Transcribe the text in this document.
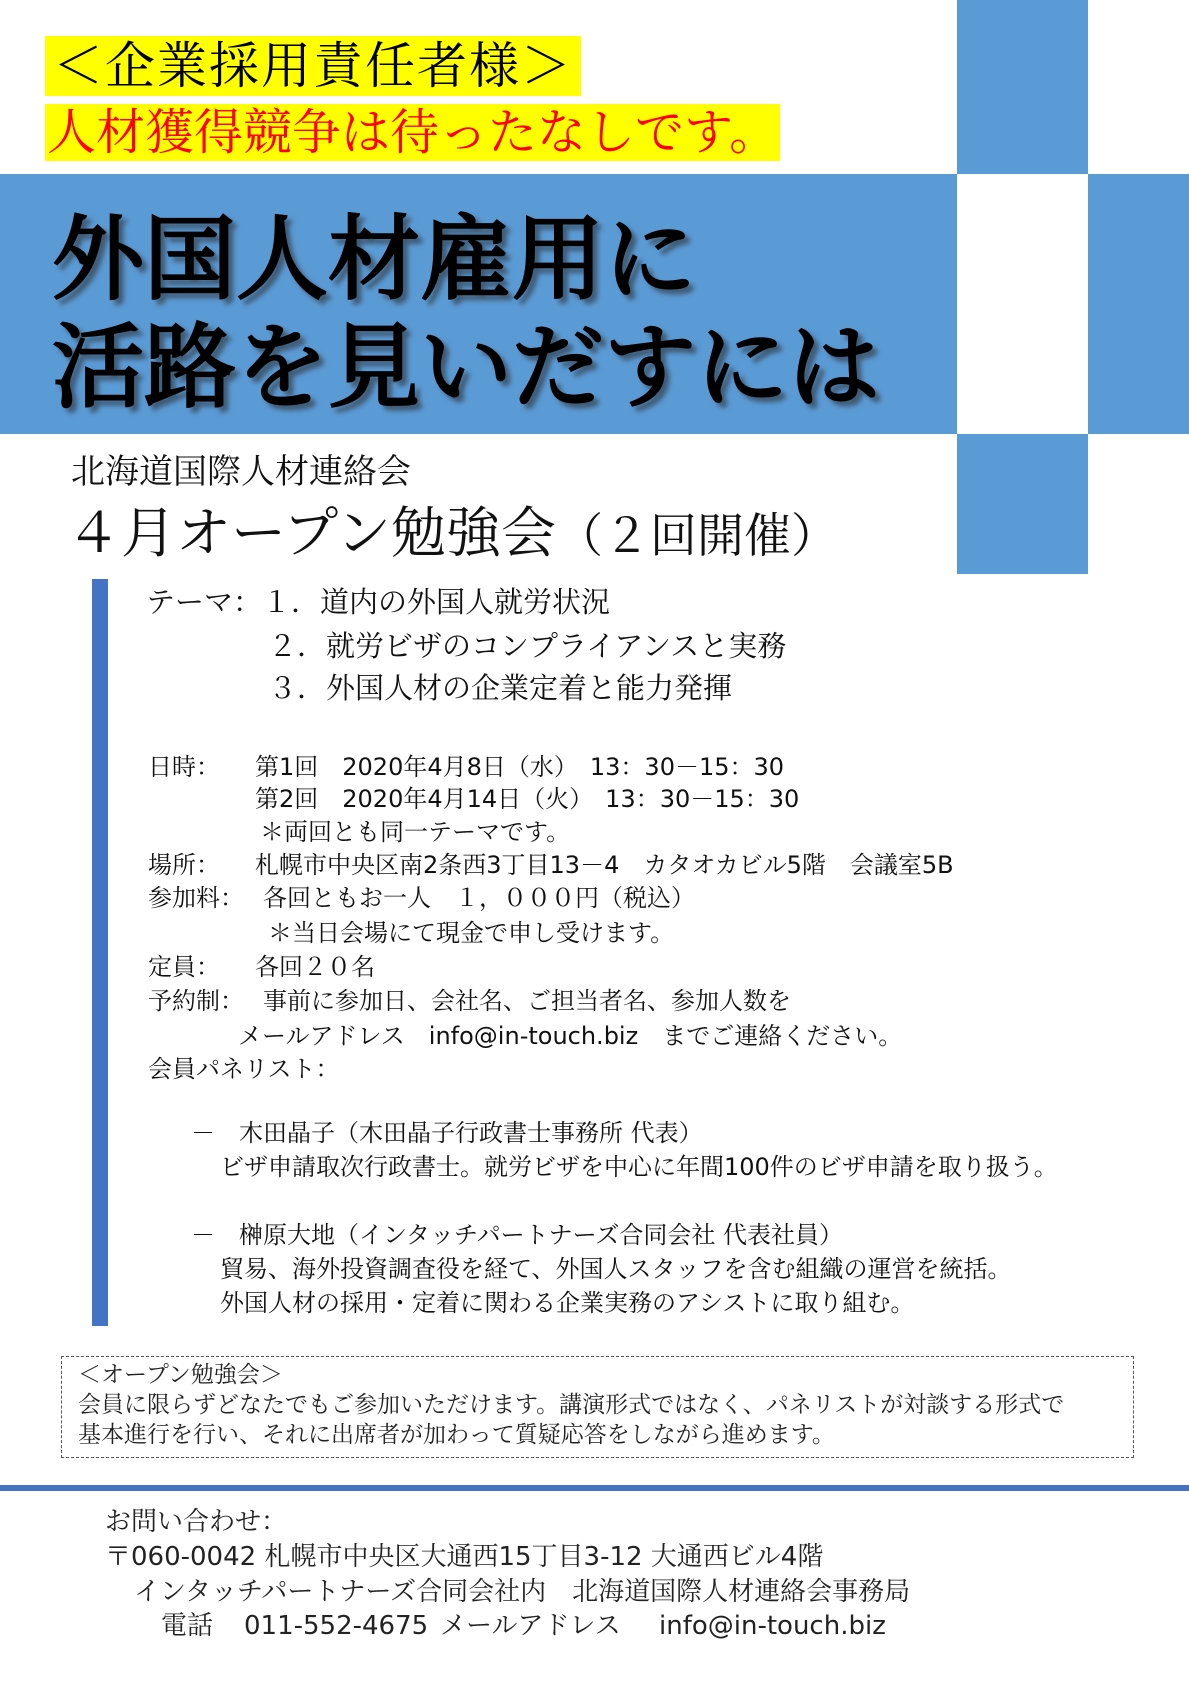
＜企業採用責任者様＞
人材獲得競争は待ったなしです。
外国人材雇用に
活路を見いだすには
北海道国際人材連絡会
４月オープン勉強会（２回開催）
テーマ： １．道内の外国人就労状況
２．就労ビザのコンプライアンスと実務
３．外国人材の企業定着と能力発揮
日時： 第1回　2020年4月8日（水）　13：30－15：30
第2回　2020年4月14日（火）　13：30－15：30
＊両回とも同一テーマです。
場所： 札幌市中央区南2条西3丁目13－4　カタオカビル5階　会議室5B
参加料： 各回ともお一人　１，０００円（税込）
＊当日会場にて現金で申し受けます。
定員： 各回２０名
予約制： 事前に参加日、会社名、ご担当者名、参加人数を
メールアドレス　info@in-touch.biz　までご連絡ください。
会員パネリスト：
－　木田晶子（木田晶子行政書士事務所 代表）
ビザ申請取次行政書士。就労ビザを中心に年間100件のビザ申請を取り扱う。
－　榊原大地（インタッチパートナーズ合同会社 代表社員）
貿易、海外投資調査役を経て、外国人スタッフを含む組織の運営を統括。
外国人材の採用・定着に関わる企業実務のアシストに取り組む。
＜オープン勉強会＞
会員に限らずどなたでもご参加いただけます。講演形式ではなく、パネリストが対談する形式で
基本進行を行い、それに出席者が加わって質疑応答をしながら進めます。
お問い合わせ：
〒060-0042 札幌市中央区大通西15丁目3-12 大通西ビル4階
インタッチパートナーズ合同会社内　北海道国際人材連絡会事務局
電話 011-552-4675 メールアドレス info@in-touch.biz
